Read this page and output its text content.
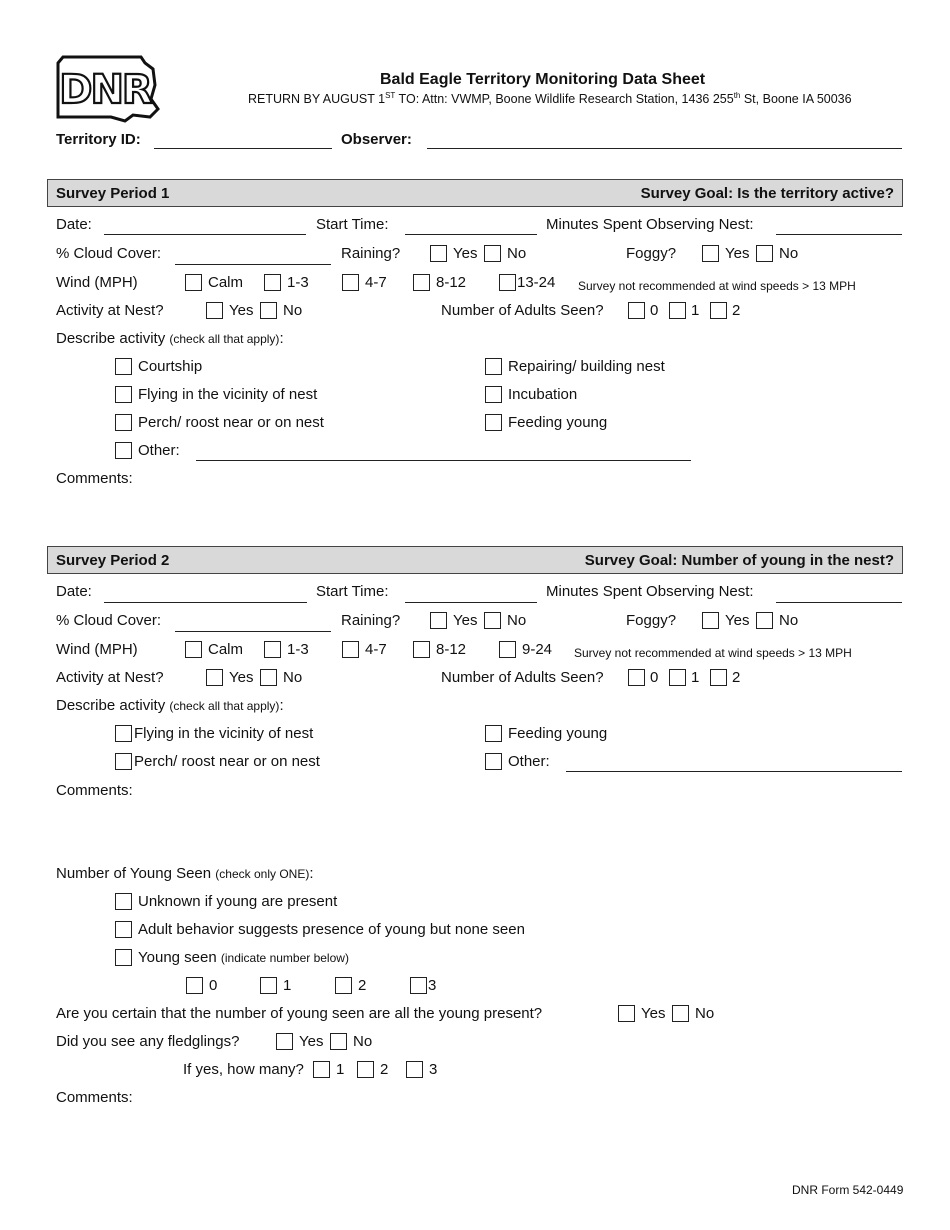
DNR	Bald Eagle Territory Monitoring Data Sheet
RETURN BY AUGUST 1ST TO: Attn: VWMP, Boone Wildlife Research Station, 1436 255th St, Boone IA 50036
Territory ID:	Observer:
Survey Period 1	Survey Goal: Is the territory active?
Date:	Start Time:	Minutes Spent Observing Nest:
% Cloud Cover:	Raining?	Yes No	Foggy?	Yes No
Wind (MPH)	Calm	1-3	4-7	8-12	13-24 Survey not recommended at wind speeds > 13 MPH
Activity at Nest?	Yes No	Number of Adults Seen?	0 1 2
Describe activity (check all that apply):
Courtship
Flying in the vicinity of nest
Perch/ roost near or on nest
Other:
Repairing/ building nest
Incubation
Feeding young
Comments:
Survey Period 2	Survey Goal: Number of young in the nest?
Date:	Start Time:	Minutes Spent Observing Nest:
% Cloud Cover:	Raining?	Yes No	Foggy?	Yes No
Wind (MPH)	Calm	1-3	4-7	8-12	9-24 Survey not recommended at wind speeds > 13 MPH
Activity at Nest?	Yes No	Number of Adults Seen?	0 1 2
Describe activity (check all that apply):
Flying in the vicinity of nest
Perch/ roost near or on nest
Feeding young
Other:
Comments:
Number of Young Seen (check only ONE):
Unknown if young are present
Adult behavior suggests presence of young but none seen
Young seen (indicate number below)
0	1	2	3
Are you certain that the number of young seen are all the young present?	Yes No
Did you see any fledglings?	Yes No
If yes, how many? 1 2	3
Comments:
DNR Form 542-0449
